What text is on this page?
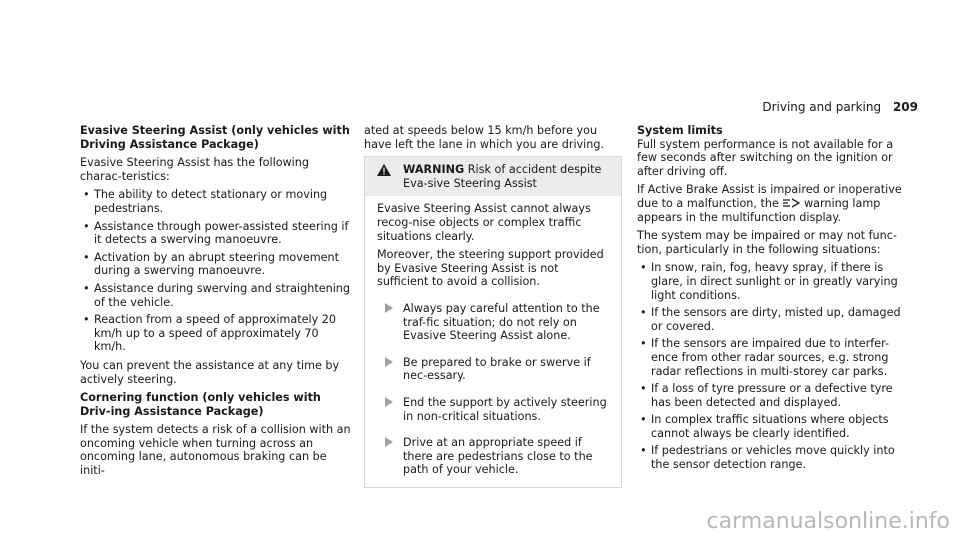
Driving and parking 209

Evasive Steering Assist (only vehicles with Driving Assistance Package)

Evasive Steering Assist has the following charac-teristics:

• The ability to detect stationary or moving pedestrians.
• Assistance through power-assisted steering if it detects a swerving manoeuvre.
• Activation by an abrupt steering movement during a swerving manoeuvre.
• Assistance during swerving and straightening of the vehicle.
• Reaction from a speed of approximately 20 km/h up to a speed of approximately 70 km/h.

You can prevent the assistance at any time by actively steering.

Cornering function (only vehicles with Driv-ing Assistance Package)

If the system detects a risk of a collision with an oncoming vehicle when turning across an oncoming lane, autonomous braking can be initi-

ated at speeds below 15 km/h before you have left the lane in which you are driving.

WARNING Risk of accident despite Eva-sive Steering Assist

Evasive Steering Assist cannot always recog-nise objects or complex traffic situations clearly.

Moreover, the steering support provided by Evasive Steering Assist is not sufficient to avoid a collision.

Always pay careful attention to the traf-fic situation; do not rely on Evasive Steering Assist alone.
Be prepared to brake or swerve if nec-essary.
End the support by actively steering in non-critical situations.
Drive at an appropriate speed if there are pedestrians close to the path of your vehicle.

System limits
Full system performance is not available for a few seconds after switching on the ignition or after driving off.

If Active Brake Assist is impaired or inoperative due to a malfunction, the warning lamp appears in the multifunction display.

The system may be impaired or may not func-tion, particularly in the following situations:

• In snow, rain, fog, heavy spray, if there is glare, in direct sunlight or in greatly varying light conditions.
• If the sensors are dirty, misted up, damaged or covered.
• If the sensors are impaired due to interfer-ence from other radar sources, e.g. strong radar reflections in multi-storey car parks.
• If a loss of tyre pressure or a defective tyre has been detected and displayed.
• In complex traffic situations where objects cannot always be clearly identified.
• If pedestrians or vehicles move quickly into the sensor detection range.
carmanualsonline.info
